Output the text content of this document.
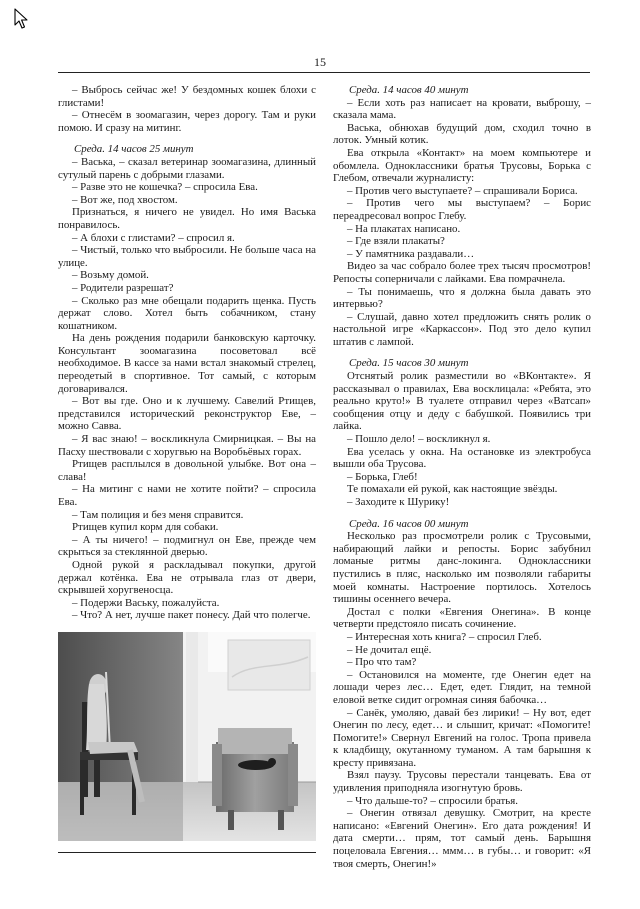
15

– Выбрось сейчас же! У бездомных кошек блохи с глистами!

– Отнесём в зоомагазин, через дорогу. Там и руки помою. И сразу на митинг.

Среда. 14 часов 25 минут

– Васька, – сказал ветеринар зоомагазина, длинный сутулый парень с добрыми глазами.

– Разве это не кошечка? – спросила Ева.

– Вот же, под хвостом.

Признаться, я ничего не увидел. Но имя Васька понравилось.

– А блохи с глистами? – спросил я.

– Чистый, только что выбросили. Не больше часа на улице.

– Возьму домой.

– Родители разрешат?

– Сколько раз мне обещали подарить щенка. Пусть держат слово. Хотел быть собачником, стану кошатником.

На день рождения подарили банковскую карточку. Консультант зоомагазина посоветовал всё необходимое. В кассе за нами встал знакомый стрелец, переодетый в спортивное. Тот самый, с которым договаривался.

– Вот вы где. Оно и к лучшему. Савелий Ртищев, представился исторический реконструктор Еве, – можно Савва.

– Я вас знаю! – воскликнула Смирницкая. – Вы на Пасху шествовали с хоругвью на Воробьёвых горах.

Ртищев расплылся в довольной улыбке. Вот она – слава!

– На митинг с нами не хотите пойти? – спросила Ева.

– Там полиция и без меня справится.

Ртищев купил корм для собаки.

– А ты ничего! – подмигнул он Еве, прежде чем скрыться за стеклянной дверью.

Одной рукой я раскладывал покупки, другой держал котёнка. Ева не отрывала глаз от двери, скрывшей хоругвеносца.

– Подержи Ваську, пожалуйста.

– Что? А нет, лучше пакет понесу. Дай что полегче.

Среда. 14 часов 40 минут

– Если хоть раз написает на кровати, выброшу, – сказала мама.

Васька, обнюхав будущий дом, сходил точно в лоток. Умный котик.

Ева открыла «Контакт» на моем компьютере и обомлела. Одноклассники братья Трусовы, Борька с Глебом, отвечали журналисту:

– Против чего выступаете? – спрашивали Бориса.

– Против чего мы выступаем? – Борис переадресовал вопрос Глебу.

– На плакатах написано.

– Где взяли плакаты?

– У памятника раздавали…

Видео за час собрало более трех тысяч просмотров! Репосты соперничали с лайками. Ева помрачнела.

– Ты понимаешь, что я должна была давать это интервью?

– Слушай, давно хотел предложить снять ролик о настольной игре «Каркассон». Под это дело купил штатив с лампой.

Среда. 15 часов 30 минут

Отснятый ролик разместили во «ВКонтакте». Я рассказывал о правилах, Ева восклицала: «Ребята, это реально круто!» В туалете отправил через «Ватсап» сообщения отцу и деду с бабушкой. Появились три лайка.

– Пошло дело! – воскликнул я.

Ева уселась у окна. На остановке из электробуса вышли оба Трусова.

– Борька, Глеб!

Те помахали ей рукой, как настоящие звёзды.

– Заходите к Шурику!

Среда. 16 часов 00 минут

Несколько раз просмотрели ролик с Трусовыми, набирающий лайки и репосты. Борис забубнил ломаные ритмы данс-локинга. Одноклассники пустились в пляс, насколько им позволяли габариты моей комнаты. Настроение портилось. Хотелось тишины осеннего вечера.

Достал с полки «Евгения Онегина». В конце четверти предстояло писать сочинение.

– Интересная хоть книга? – спросил Глеб.

– Не дочитал ещё.

– Про что там?

– Остановился на моменте, где Онегин едет на лошади через лес… Едет, едет. Глядит, на темной еловой ветке сидит огромная синяя бабочка…

– Санёк, умоляю, давай без лирики! – Ну вот, едет Онегин по лесу, едет… и слышит, кричат: «Помогите! Помогите!» Свернул Евгений на голос. Тропа привела к кладбищу, окутанному туманом. А там барышня к кресту привязана.

Взял паузу. Трусовы перестали танцевать. Ева от удивления приподняла изогнутую бровь.

– Что дальше-то? – спросили братья.

– Онегин отвязал девушку. Смотрит, на кресте написано: «Евгений Онегин». Его дата рождения! И дата смерти… прям, тот самый день. Барышня поцеловала Евгения… ммм… в губы… и говорит: «Я твоя смерть, Онегин!»
